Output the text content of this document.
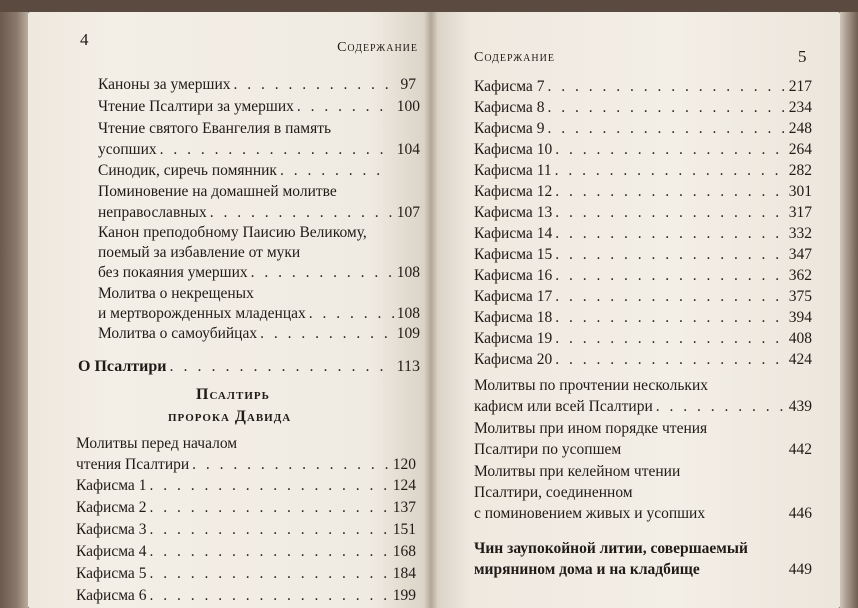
4	Содержание
Каноны за умерших . . .	97
Чтение Псалтири за умерших . . .	100
Чтение святого Евангелия в память
усопших . . .	104
Синодик, сиречь помянник
. . .
Поминовение на домашней молитве
неправославных . . .	107
Канон преподобному Паисию Великому,
поемый за избавление от муки
без покаяния умерших . . .	108
Молитва о некрещеных
и мертворожденных младенцах . . .	108
Молитва о самоубийцах . . .	109
О Псалтири . . .	113
Псалтирь
пророка Давида
Молитвы перед началом
чтения Псалтири . . .	120
Кафисма 1 . . .	124
Кафисма 2 . . .	137
Кафисма 3 . . .	151
Кафисма 4 . . .	168
Кафисма 5 . . .	184
Кафисма 6 . . .	199
Содержание	5
Кафисма 7 . . .	217
Кафисма 8 . . .	234
Кафисма 9 . . .	248
Кафисма 10 . . .	264
Кафисма 11 . . .	282
Кафисма 12 . . .	301
Кафисма 13 . . .	317
Кафисма 14 . . .	332
Кафисма 15 . . .	347
Кафисма 16 . . .	362
Кафисма 17 . . .	375
Кафисма 18 . . .	394
Кафисма 19 . . .	408
Кафисма 20 . . .	424
Молитвы по прочтении нескольких
кафисм или всей Псалтири . . .	439
Молитвы при ином порядке чтения
Псалтири по усопшем	442
Молитвы при келейном чтении
Псалтири, соединенном
с поминовением живых и усопших	446
Чин заупокойной литии, совершаемый
мирянином дома и на кладбище	449
